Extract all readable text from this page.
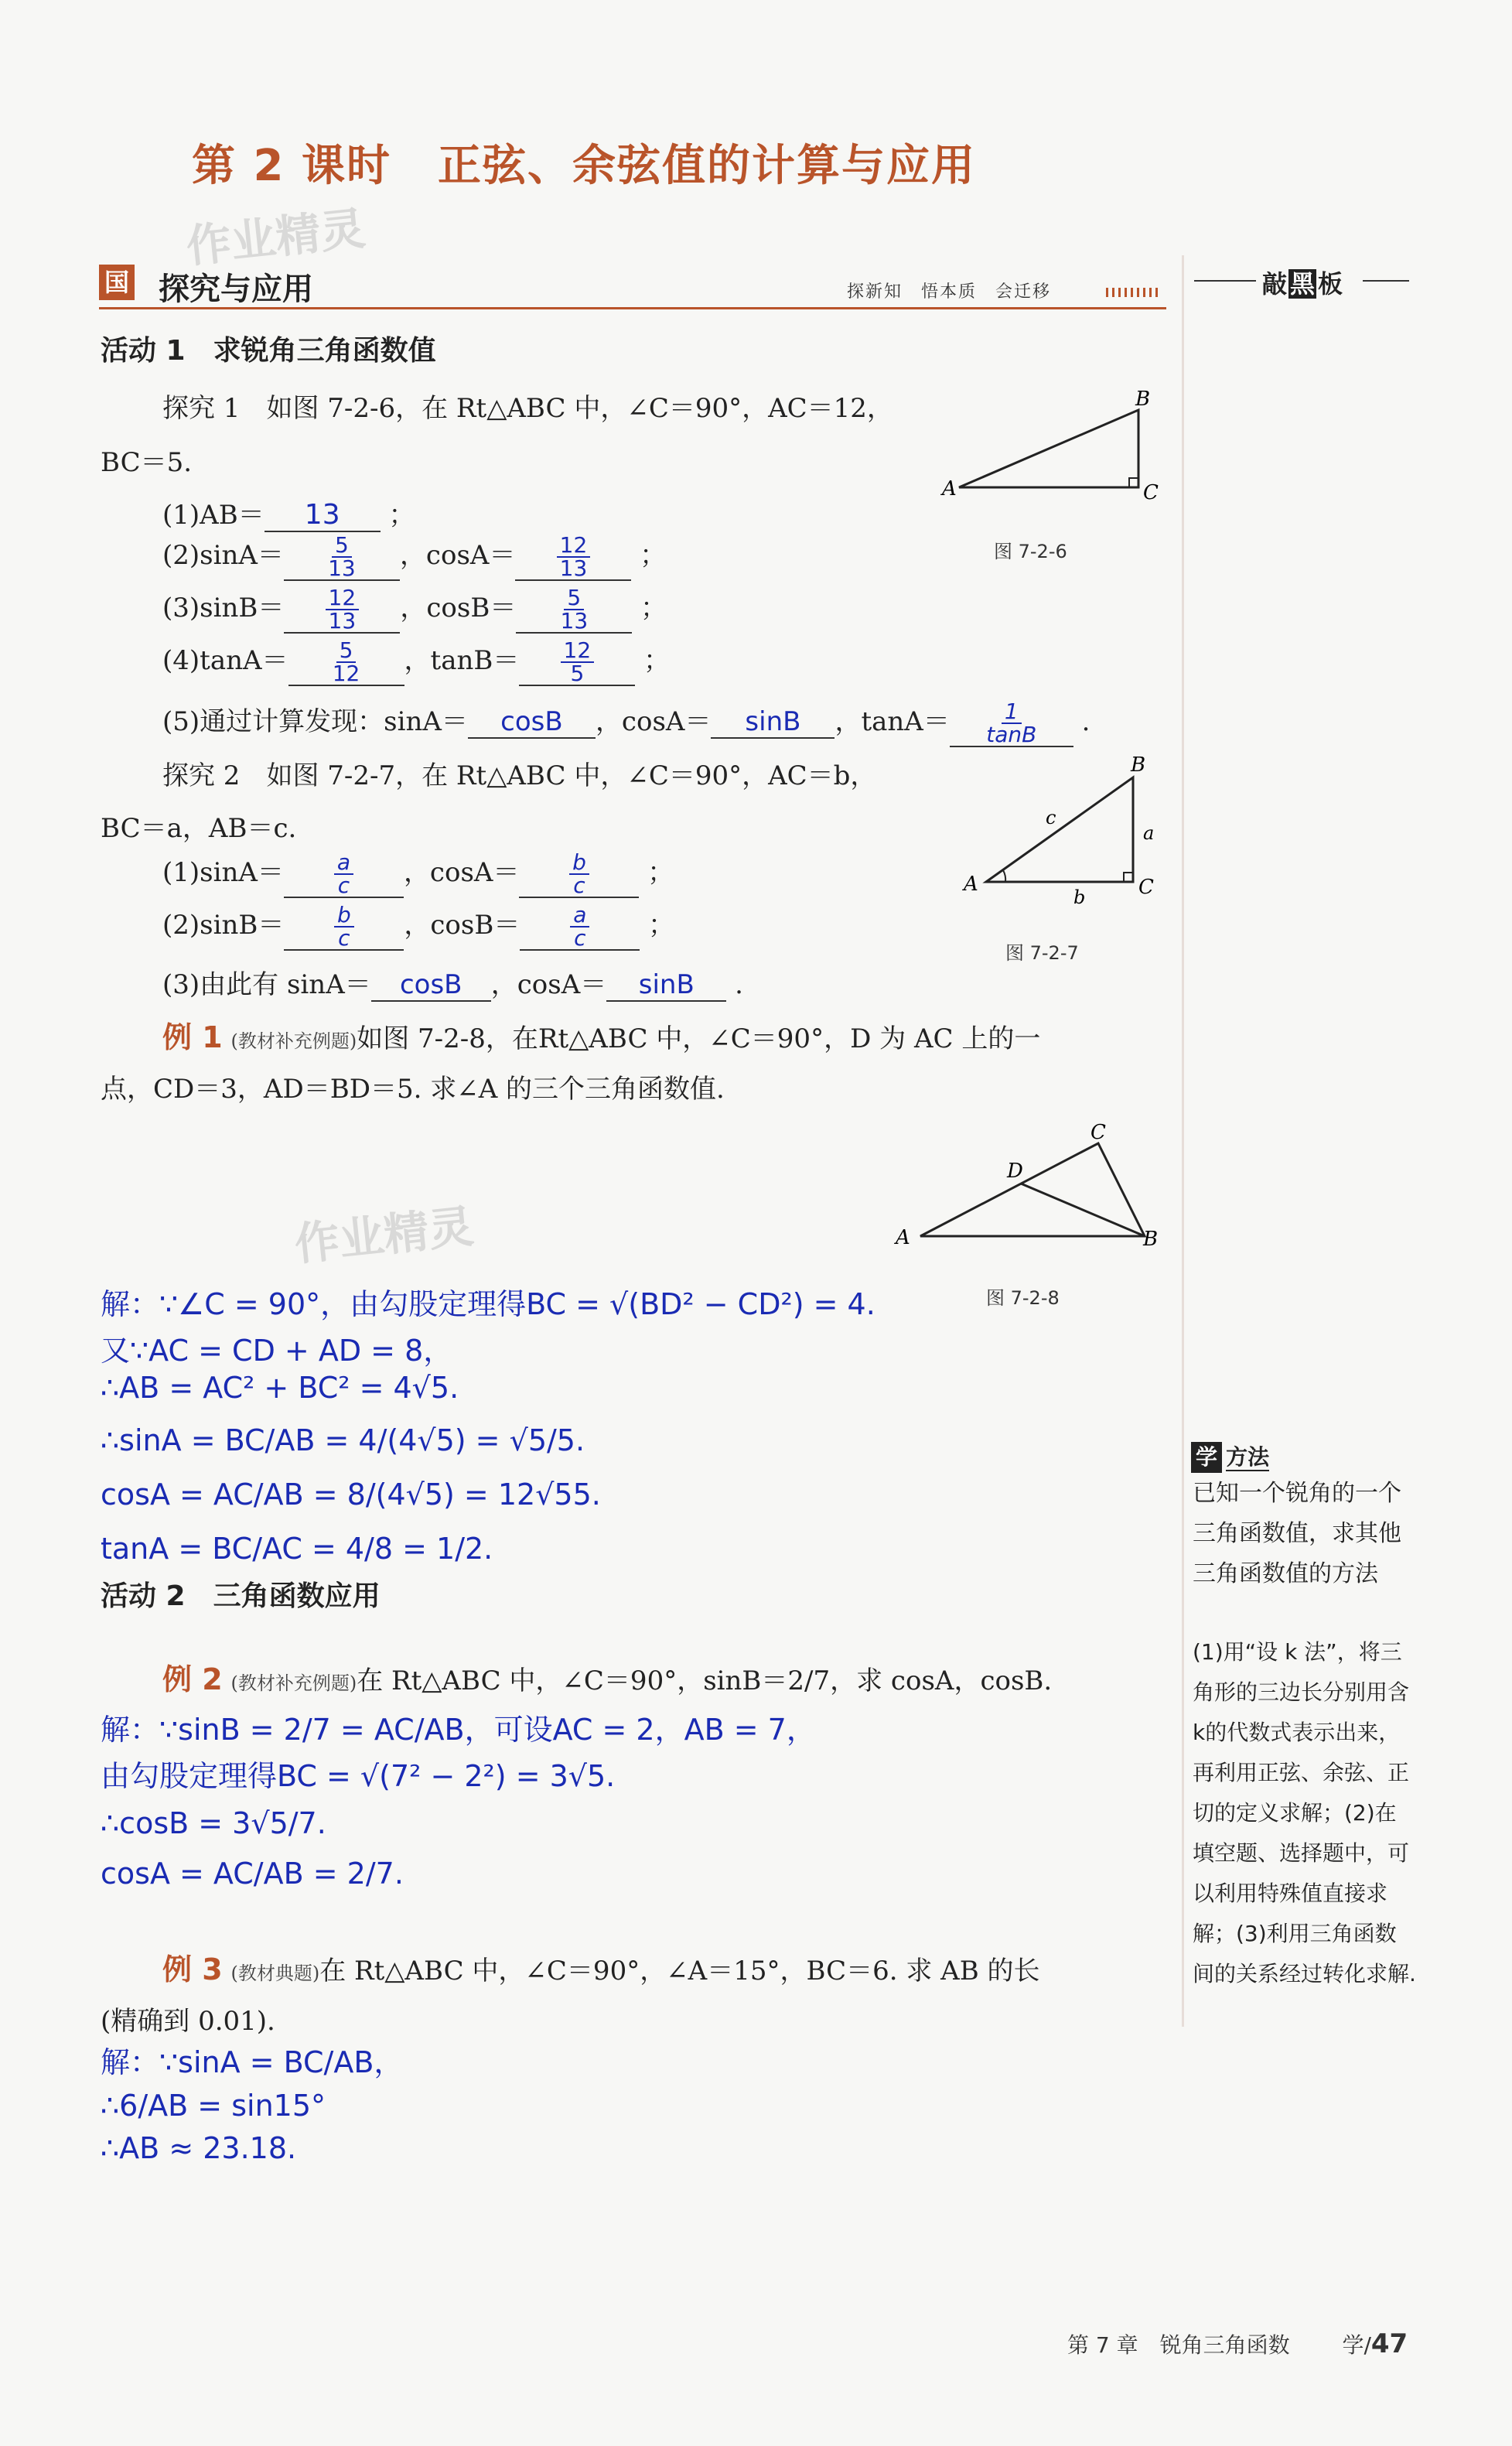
第 2 课时 正弦、余弦值的计算与应用
作业精灵
作业精灵
国 探究与应用	探新知　悟本质　会迁移	敲 黑 板
活动 1　求锐角三角函数值
探究 1　如图 7-2-6，在 Rt△ABC 中，∠C＝90°，AC＝12，
BC＝5.
(1)AB＝ 13 ；
$(2)\sin A= \frac{5}{13}$ ，$\cos A= \frac{12}{13}$ ；
$(3)\sin B= \frac{12}{13}$ ，$\cos B= \frac{5}{13}$ ；
$(4)\tan A= \frac{5}{12}$ ，$\tan B= \frac{12}{5}$ ；
(5)通过计算发现：sinA＝ cosB ，cosA＝ sinB ，$\tan A= \frac{1}{\tan B}$ .
A
B
C
图 7-2-6
探究 2　如图 7-2-7，在 Rt△ABC 中，∠C＝90°，AC＝b，
BC＝a，AB＝c.
$(1)\sin A= \frac{a}{c}$ ，$\cos A= \frac{b}{c}$ ；
$(2)\sin B= \frac{b}{c}$ ，$\cos B= \frac{a}{c}$ ；
(3)由此有 sinA＝ cosB ，cosA＝ sinB .
A
B
C
c
a
b
图 7-2-7
例 1 (教材补充例题)如图 7-2-8，在Rt△ABC 中，∠C＝90°，D 为 AC 上的一
点，CD＝3，AD＝BD＝5. 求∠A 的三个三角函数值.
A
C
D
B
图 7-2-8
解：∵∠C = 90°，由勾股定理得BC = √(BD² − CD²) = 4.
又∵AC = CD + AD = 8，
∴AB = AC² + BC² = 4√5.
∴sinA = BC/AB = 4/(4√5) = √5/5.
cosA = AC/AB = 8/(4√5) = 12√55.
tanA = BC/AC = 4/8 = 1/2.
活动 2　三角函数应用
例 2 (教材补充例题)在 Rt△ABC 中，∠C＝90°，sinB＝2/7，求 cosA，cosB.
解：∵sinB = 2/7 = AC/AB，可设AC = 2，AB = 7，
由勾股定理得BC = √(7² − 2²) = 3√5.
∴cosB = 3√5/7.
cosA = AC/AB = 2/7.
例 3 (教材典题)在 Rt△ABC 中，∠C＝90°，∠A＝15°，BC＝6. 求 AB 的长
(精确到 0.01).
解：∵sinA = BC/AB，
∴6/AB = sin15°
∴AB ≈ 23.18.
学 方法
已知一个锐角的一个三角函数值，求其他三角函数值的方法
(1)用“设 k 法”，将三角形的三边长分别用含k的代数式表示出来，再利用正弦、余弦、正切的定义求解；(2)在填空题、选择题中，可以利用特殊值直接求解；(3)利用三角函数间的关系经过转化求解.
第 7 章　锐角三角函数 学/47
